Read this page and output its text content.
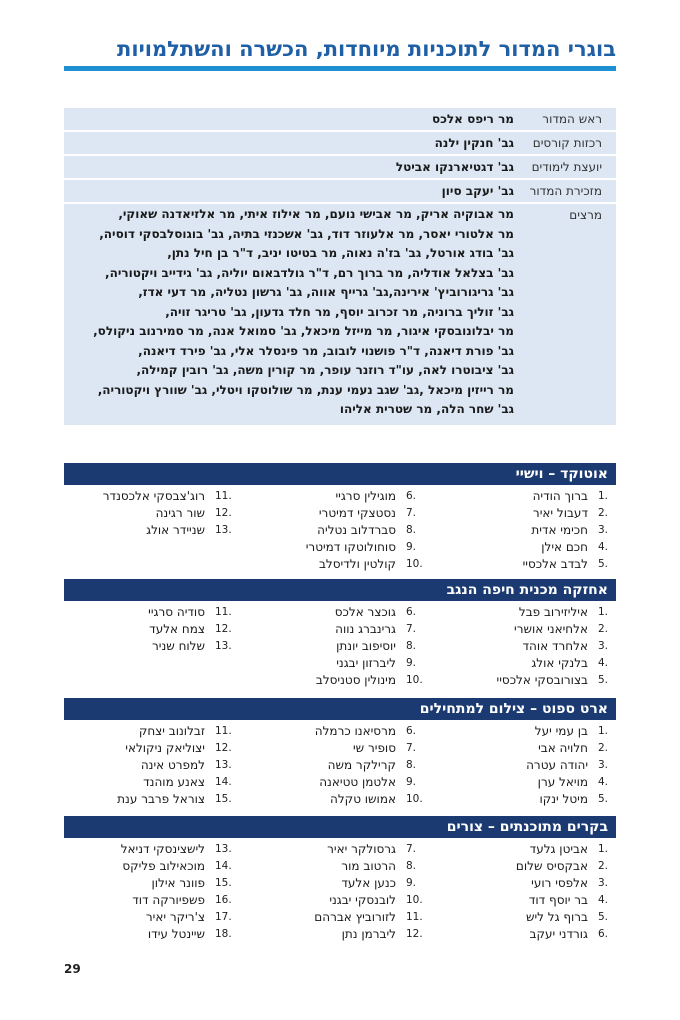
בוגרי המדור לתוכניות מיוחדות, הכשרה והשתלמויות
ראש המדור
מר ריפס אלכס
רכזות קורסים
גב' חנקין ילנה
יועצת לימודים
גב' דגטיארנקו אביטל
מזכירת המדור
גב' יעקב סיון
מרצים
מר אבוקיה אריק, מר אבישי נועם, מר אילוז איתי, מר אלזיאדנה שאוקי,
מר אלטורי יאסר, מר אלעוזר דוד, גב' אשכנזי בתיה, גב' בוגוסלבסקי דוסיה,
גב' בודג אורטל, גב' בז'ה נאוה, מר בטיטו יניב, ד"ר בן חיל נתן,
גב' בצלאל אודליה, מר ברוך רם, ד"ר גולדבאום יוליה, גב' גידייב ויקטוריה,
גב' גריגורוביץ' אירינה,גב' גרייף אווה, גב' גרשון נטליה, מר דעי אדז,
גב' זוליך ברוניה, מר זכרוב יוסף, מר חלד גדעון, גב' טריגר זויה,
מר יבלונובסקי איגור, מר מייזל מיכאל, גב' סמואל אנה, מר סמירנוב ניקולס,
גב' פורת דיאנה, ד"ר פושנוי לובוב, מר פינסלר אלי, גב' פירד דיאנה,
גב' ציבוטרו לאה, עו"ד רוזנר עופר, מר קורין משה, גב' רובין קמילה,
מר רייזין מיכאל ,גב' שגב נעמי ענת, מר שולוטקו ויטלי, גב' שוורץ ויקטוריה,
גב' שחר הלה, מר שטרית אליהו
אוטוקד – וישיי
1.
ברוך הודיה
2.
דעבול יאיר
3.
חכימי אדית
4.
חכם אילן
5.
לבדב אלכסיי
6.
מוגילין סרגיי
7.
נסטצקי דמיטרי
8.
סברדלוב נטליה
9.
סוחולוטקו דמיטרי
10.
קולטין ולדיסלב
11.
רוג'צבסקי אלכסנדר
12.
שור רגינה
13.
שניידר אולג
אחזקה מכנית חיפה הנגב
1.
איליזירוב פבל
2.
אלחיאני אושרי
3.
אלחרד אוהד
4.
בלנקי אולג
5.
בצורובסקי אלכסיי
6.
גוכצר אלכס
7.
גרינברג נווה
8.
יוסיפוב יונתן
9.
ליברזון יבגני
10.
מינולין סטניסלב
11.
סודיה סרגיי
12.
צמח אלעד
13.
שלוח שניר
ארט ספוט – צילום למתחילים
1.
בן עמי יעל
2.
חלויה אבי
3.
יהודה עטרה
4.
מויאל ערן
5.
מיטל ינקו
6.
מרסיאנו כרמלה
7.
סופיר שי
8.
קרילקר משה
9.
אלטמן טטיאנה
10.
אמושו טקלה
11.
זבלונוב יצחק
12.
יצוליאק ניקולאי
13.
למפרט אינה
14.
צאנע מוהנד
15.
צוראל פרבר ענת
בקרים מתוכנתים – צורים
1.
אביטן גלעד
2.
אבקסיס שלום
3.
אלפסי רועי
4.
בר יוסף דוד
5.
ברוף גל ליש
6.
גורדני יעקב
7.
גרסולקר יאיר
8.
הרטוב מור
9.
כנען אלעד
10.
לובנסקי יבגני
11.
לזורוביץ אברהם
12.
ליברמן נתן
13.
לישצינסקי דניאל
14.
מוכאילוב פליקס
15.
פוונר אילון
16.
פשפיורקה דוד
17.
צ'ריקר יאיר
18.
שיינטל עידו
29
